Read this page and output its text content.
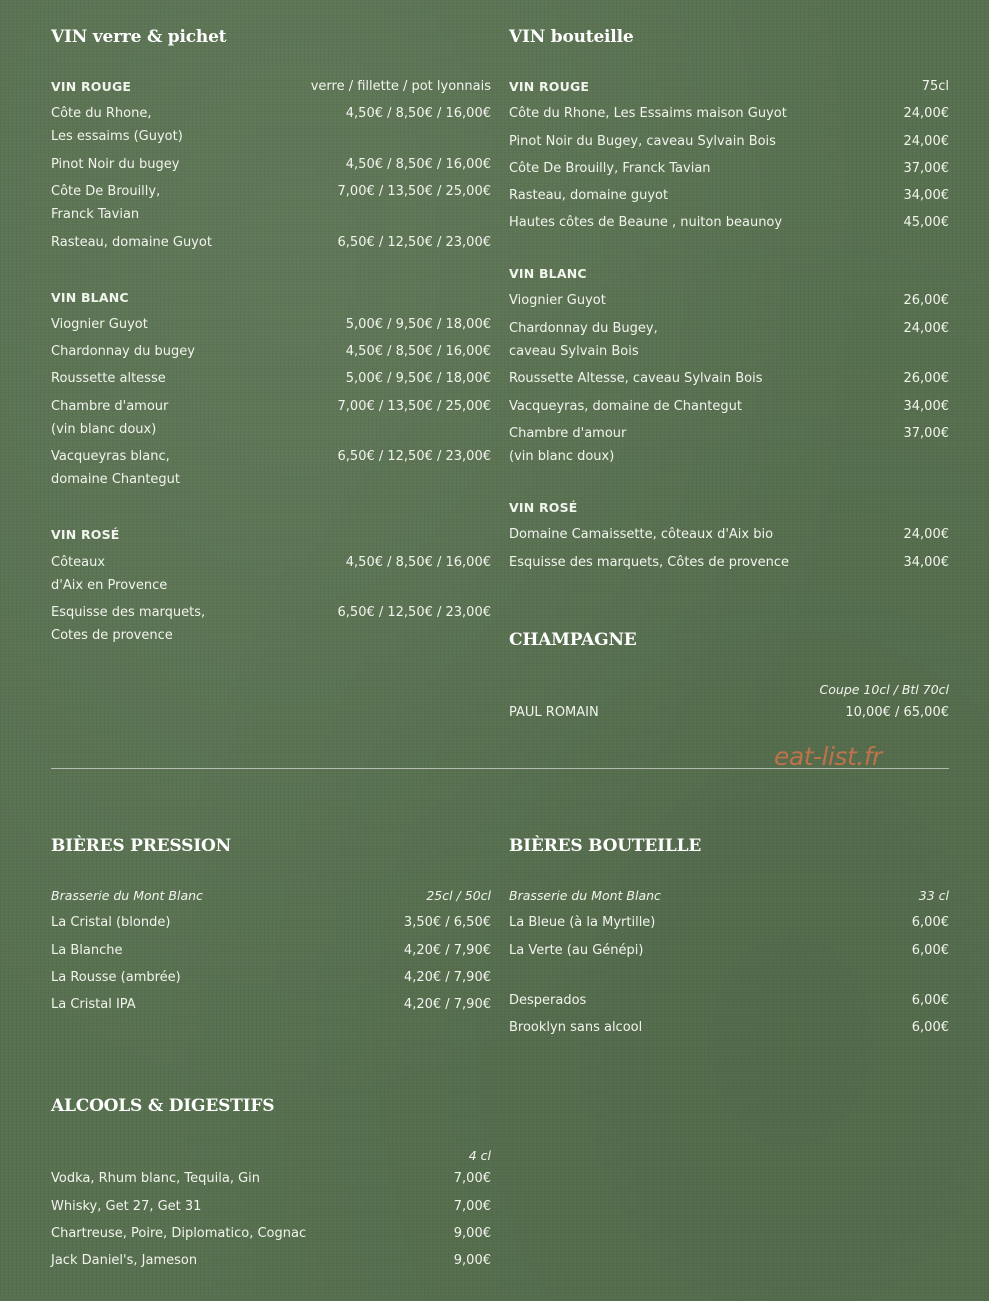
VIN verre & pichet
VIN ROUGE	verre / fillette / pot lyonnais
Côte du Rhone,
Les essaims (Guyot)
4,50€ / 8,50€ / 16,00€
Pinot Noir du bugey	4,50€ / 8,50€ / 16,00€
Côte De Brouilly,
Franck Tavian
7,00€ / 13,50€ / 25,00€
Rasteau, domaine Guyot	6,50€ / 12,50€ / 23,00€
VIN BLANC
Viognier Guyot	5,00€ / 9,50€ / 18,00€
Chardonnay du bugey	4,50€ / 8,50€ / 16,00€
Roussette altesse	5,00€ / 9,50€ / 18,00€
Chambre d'amour
(vin blanc doux)
7,00€ / 13,50€ / 25,00€
Vacqueyras blanc,
domaine Chantegut
6,50€ / 12,50€ / 23,00€
VIN ROSÉ
Côteaux
d'Aix en Provence
4,50€ / 8,50€ / 16,00€
Esquisse des marquets,
Cotes de provence
6,50€ / 12,50€ / 23,00€
VIN bouteille
VIN ROUGE	75cl
Côte du Rhone, Les Essaims maison Guyot	24,00€
Pinot Noir du Bugey, caveau Sylvain Bois	24,00€
Côte De Brouilly, Franck Tavian	37,00€
Rasteau, domaine guyot	34,00€
Hautes côtes de Beaune , nuiton beaunoy	45,00€
VIN BLANC
Viognier Guyot	26,00€
Chardonnay du Bugey,
caveau Sylvain Bois
24,00€
Roussette Altesse, caveau Sylvain Bois	26,00€
Vacqueyras, domaine de Chantegut	34,00€
Chambre d'amour
(vin blanc doux)
37,00€
VIN ROSÉ
Domaine Camaissette, côteaux d'Aix bio	24,00€
Esquisse des marquets, Côtes de provence	34,00€
CHAMPAGNE
Coupe 10cl / Btl 70cl
PAUL ROMAIN	10,00€ / 65,00€
eat-list.fr
BIÈRES PRESSION
Brasserie du Mont Blanc	25cl / 50cl
La Cristal (blonde)	3,50€ / 6,50€
La Blanche	4,20€ / 7,90€
La Rousse (ambrée)	4,20€ / 7,90€
La Cristal IPA	4,20€ / 7,90€
BIÈRES BOUTEILLE
Brasserie du Mont Blanc	33 cl
La Bleue (à la Myrtille)	6,00€
La Verte (au Génépi)	6,00€
Desperados	6,00€
Brooklyn sans alcool	6,00€
ALCOOLS & DIGESTIFS
4 cl
Vodka, Rhum blanc, Tequila, Gin	7,00€
Whisky, Get 27, Get 31	7,00€
Chartreuse, Poire, Diplomatico, Cognac	9,00€
Jack Daniel's, Jameson	9,00€
